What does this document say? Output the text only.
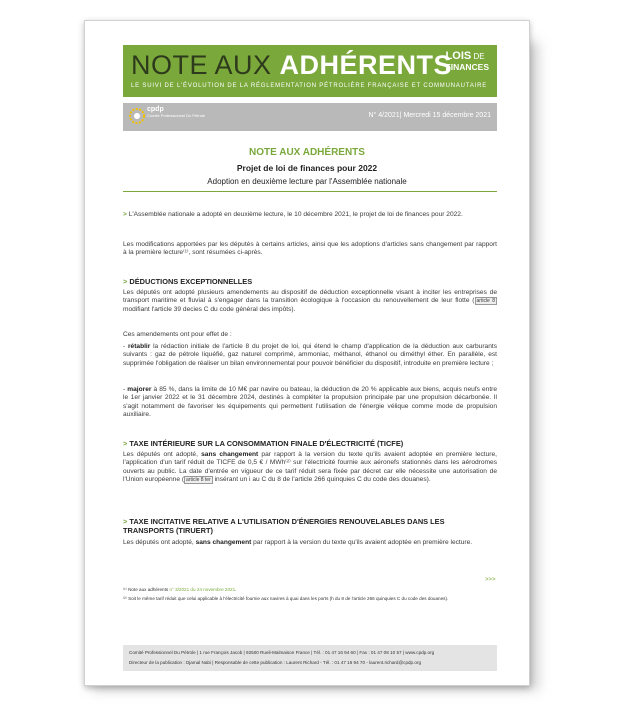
NOTE AUX ADHÉRENTS
LOIS DE
FINANCES
LE SUIVI DE L'ÉVOLUTION DE LA RÉGLEMENTATION PÉTROLIÈRE FRANÇAISE ET COMMUNAUTAIRE
cpdp
Comité Professionnel Du Pétrole	N° 4/2021| Mercredi 15 décembre 2021
NOTE AUX ADHÉRENTS
Projet de loi de finances pour 2022
Adoption en deuxième lecture par l'Assemblée nationale
> L'Assemblée nationale a adopté en deuxième lecture, le 10 décembre 2021, le projet de loi de finances pour 2022.
Les modifications apportées par les députés à certains articles, ainsi que les adoptions d'articles sans changement par rapport à la première lecture⁽¹⁾, sont résumées ci-après.
> DÉDUCTIONS EXCEPTIONNELLES
Les députés ont adopté plusieurs amendements au dispositif de déduction exceptionnelle visant à inciter les entreprises de transport maritime et fluvial à s'engager dans la transition écologique à l'occasion du renouvellement de leur flotte ( article 8 modifiant l'article 39 decies C du code général des impôts).
Ces amendements ont pour effet de :
- rétablir la rédaction initiale de l'article 8 du projet de loi, qui étend le champ d'application de la déduction aux carburants suivants : gaz de pétrole liquéfié, gaz naturel comprimé, ammoniac, méthanol, éthanol ou diméthyl éther. En parallèle, est supprimée l'obligation de réaliser un bilan environnemental pour pouvoir bénéficier du dispositif, introduite en première lecture ;
- majorer à 85 %, dans la limite de 10 M€ par navire ou bateau, la déduction de 20 % applicable aux biens, acquis neufs entre le 1er janvier 2022 et le 31 décembre 2024, destinés à compléter la propulsion principale par une propulsion décarbonée. Il s'agit notamment de favoriser les équipements qui permettent l'utilisation de l'énergie vélique comme mode de propulsion auxiliaire.
> TAXE INTÉRIEURE SUR LA CONSOMMATION FINALE D'ÉLECTRICITÉ (TICFE)
Les députés ont adopté, sans changement par rapport à la version du texte qu'ils avaient adoptée en première lecture, l'application d'un tarif réduit de TICFE de 0,5 € / MWh⁽²⁾ sur l'électricité fournie aux aéronefs stationnés dans les aérodromes ouverts au public. La date d'entrée en vigueur de ce tarif réduit sera fixée par décret car elle nécessite une autorisation de l'Union européenne ( article 8 ter insérant un i au C du 8 de l'article 266 quinquies C du code des douanes).
> TAXE INCITATIVE RELATIVE A L'UTILISATION D'ÉNERGIES RENOUVELABLES DANS LES TRANSPORTS (TIRUERT)
Les députés ont adopté, sans changement par rapport à la version du texte qu'ils avaient adoptée en première lecture.
>>>
⁽¹⁾ Note aux adhérents n° 3/2021 du 24 novembre 2021.
⁽²⁾ Soit le même tarif réduit que celui applicable à l'électricité fournie aux navires à quai dans les ports (h du 8 de l'article 266 quinquies C du code des douanes).
Comité Professionnel Du Pétrole | 1 rue François Jacob | 92500 Rueil-Malmaison France | Tél. : 01 47 16 94 60 | Fax : 01 47 08 10 57 | www.cpdp.org
Directeur de la publication : Djamal Nabi | Responsable de cette publication : Laurent Richard - Tél. : 01 47 16 94 70 - laurent.richard@cpdp.org
